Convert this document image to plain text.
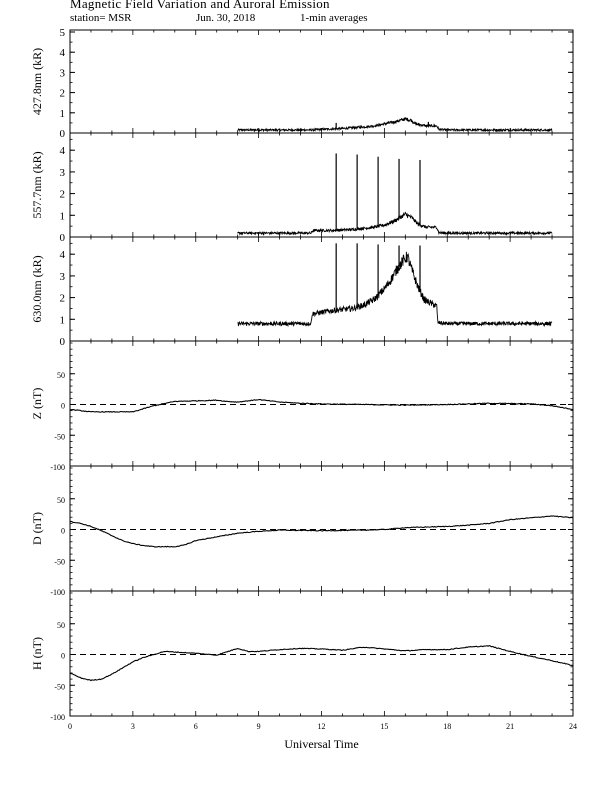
Magnetic Field Variation and Auroral Emission
station= MSR	Jun. 30, 2018	1-min averages
0
1
2
3
4
5
427.8nm (kR)
0
1
2
3
4
557.7nm (kR)
0
1
2
3
4
630.0nm (kR)
-100
-50
0
50
Z (nT)
-100
-50
0
50
D (nT)
-100
-50
0
50
H (nT)
0	3	6	9	12	15	18	21	24
Universal Time
